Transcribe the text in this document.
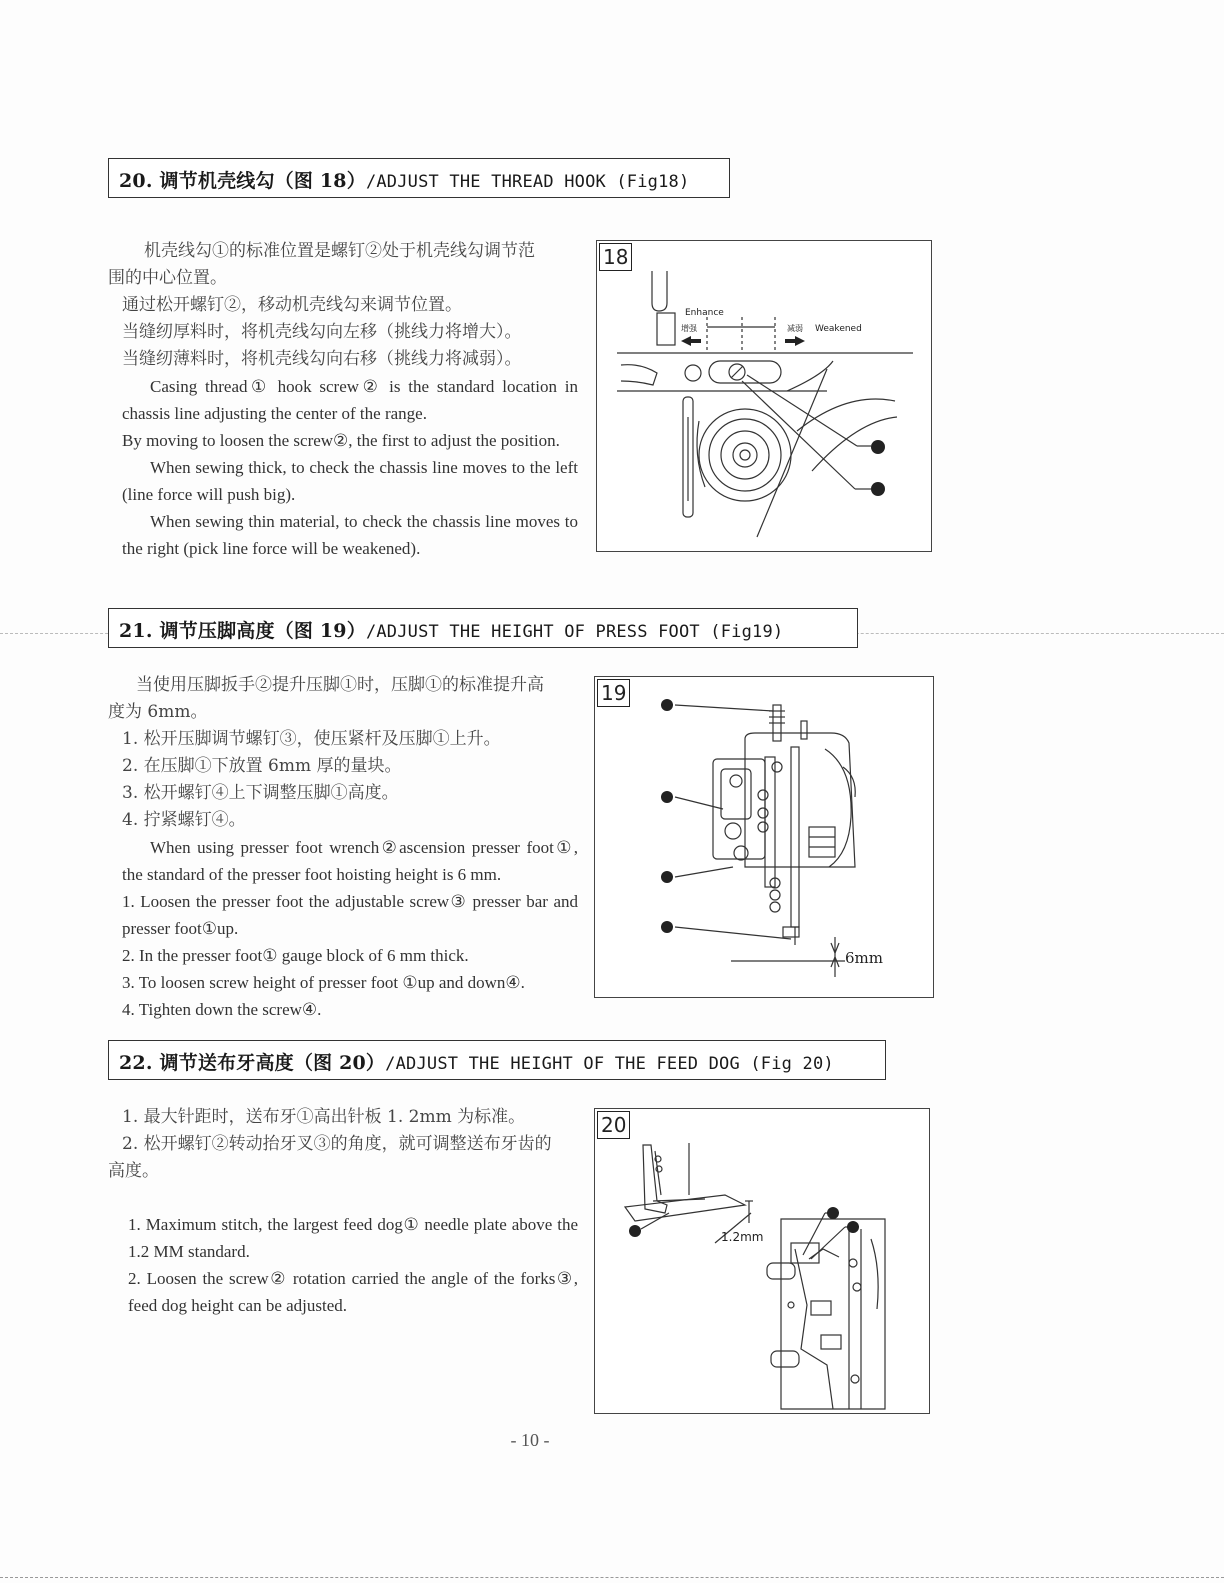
20. 调节机壳线勾（图 18）/ADJUST THE THREAD HOOK (Fig18)

机壳线勾①的标准位置是螺钉②处于机壳线勾调节范

围的中心位置。

通过松开螺钉②，移动机壳线勾来调节位置。

当缝纫厚料时，将机壳线勾向左移（挑线力将增大）。

当缝纫薄料时，将机壳线勾向右移（挑线力将减弱）。

Casing thread① hook screw② is the standard location in chassis line adjusting the center of the range.

By moving to loosen the screw②, the first to adjust the position.

When sewing thick, to check the chassis line moves to the left (line force will push big).

When sewing thin material, to check the chassis line moves to the right (pick line force will be weakened).

Enhance
增强	减弱 Weakened
18
21. 调节压脚高度（图 19）/ADJUST THE HEIGHT OF PRESS FOOT (Fig19)

当使用压脚扳手②提升压脚①时，压脚①的标准提升高

度为 6mm。

1. 松开压脚调节螺钉③，使压紧杆及压脚①上升。

2. 在压脚①下放置 6mm 厚的量块。

3. 松开螺钉④上下调整压脚①高度。

4. 拧紧螺钉④。

When using presser foot wrench②ascension presser foot①, the standard of the presser foot hoisting height is 6 mm.

1. Loosen the presser foot the adjustable screw③ presser bar and presser foot①up.

2. In the presser foot① gauge block of 6 mm thick.

3. To loosen screw height of presser foot ①up and down④.

4. Tighten down the screw④.

6mm
19
22. 调节送布牙高度（图 20）/ADJUST THE HEIGHT OF THE FEED DOG (Fig 20)

1. 最大针距时，送布牙①高出针板 1. 2mm 为标准。

2. 松开螺钉②转动抬牙叉③的角度，就可调整送布牙齿的

高度。

1. Maximum stitch, the largest feed dog① needle plate above the 1.2 MM standard.

2. Loosen the screw② rotation carried the angle of the forks③, feed dog height can be adjusted.

1.2mm
20
- 10 -
